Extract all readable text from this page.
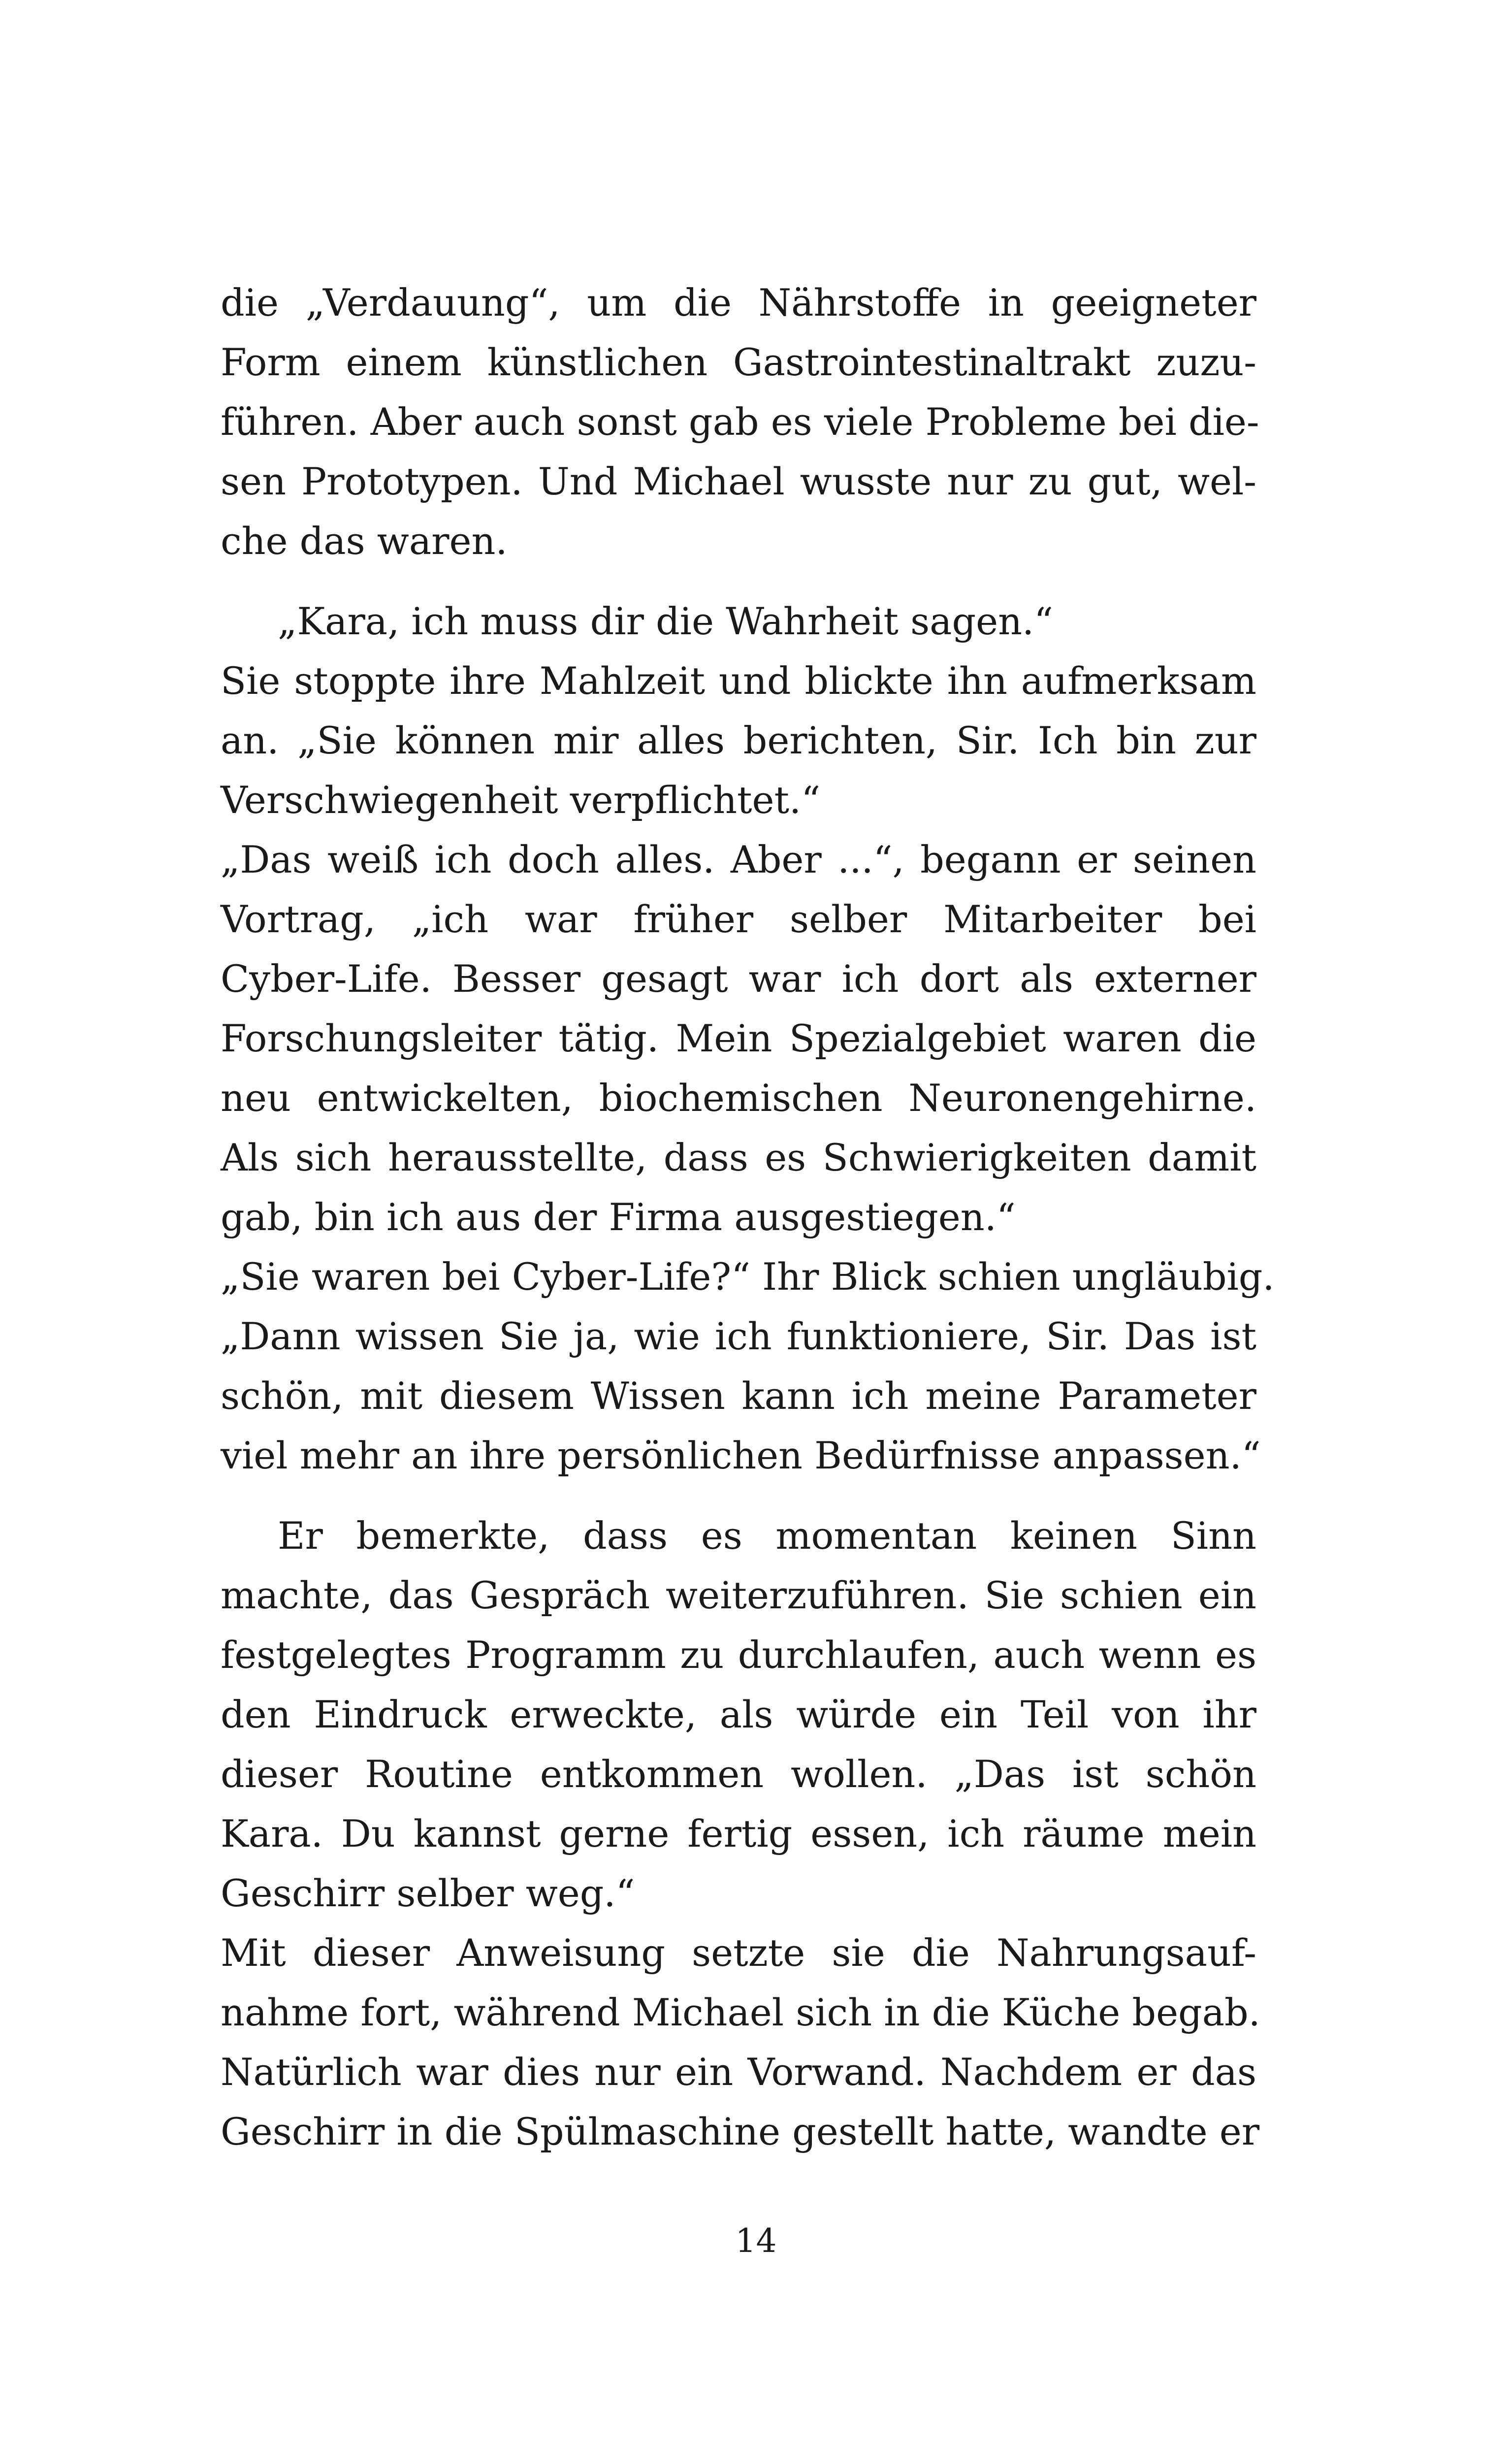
die „Verdauung“, um die Nährstoffe in geeigneter
Form einem künstlichen Gastrointestinaltrakt zuzu-
führen. Aber auch sonst gab es viele Probleme bei die-
sen Prototypen. Und Michael wusste nur zu gut, wel-
che das waren.
„Kara, ich muss dir die Wahrheit sagen.“
Sie stoppte ihre Mahlzeit und blickte ihn aufmerksam
an. „Sie können mir alles berichten, Sir. Ich bin zur
Verschwiegenheit verpflichtet.“
„Das weiß ich doch alles. Aber ...“, begann er seinen
Vortrag, „ich war früher selber Mitarbeiter bei
Cyber-Life. Besser gesagt war ich dort als externer
Forschungsleiter tätig. Mein Spezialgebiet waren die
neu entwickelten, biochemischen Neuronengehirne.
Als sich herausstellte, dass es Schwierigkeiten damit
gab, bin ich aus der Firma ausgestiegen.“
„Sie waren bei Cyber-Life?“ Ihr Blick schien ungläubig.
„Dann wissen Sie ja, wie ich funktioniere, Sir. Das ist
schön, mit diesem Wissen kann ich meine Parameter
viel mehr an ihre persönlichen Bedürfnisse anpassen.“
Er bemerkte, dass es momentan keinen Sinn
machte, das Gespräch weiterzuführen. Sie schien ein
festgelegtes Programm zu durchlaufen, auch wenn es
den Eindruck erweckte, als würde ein Teil von ihr
dieser Routine entkommen wollen. „Das ist schön
Kara. Du kannst gerne fertig essen, ich räume mein
Geschirr selber weg.“
Mit dieser Anweisung setzte sie die Nahrungsauf-
nahme fort, während Michael sich in die Küche begab.
Natürlich war dies nur ein Vorwand. Nachdem er das
Geschirr in die Spülmaschine gestellt hatte, wandte er
14
